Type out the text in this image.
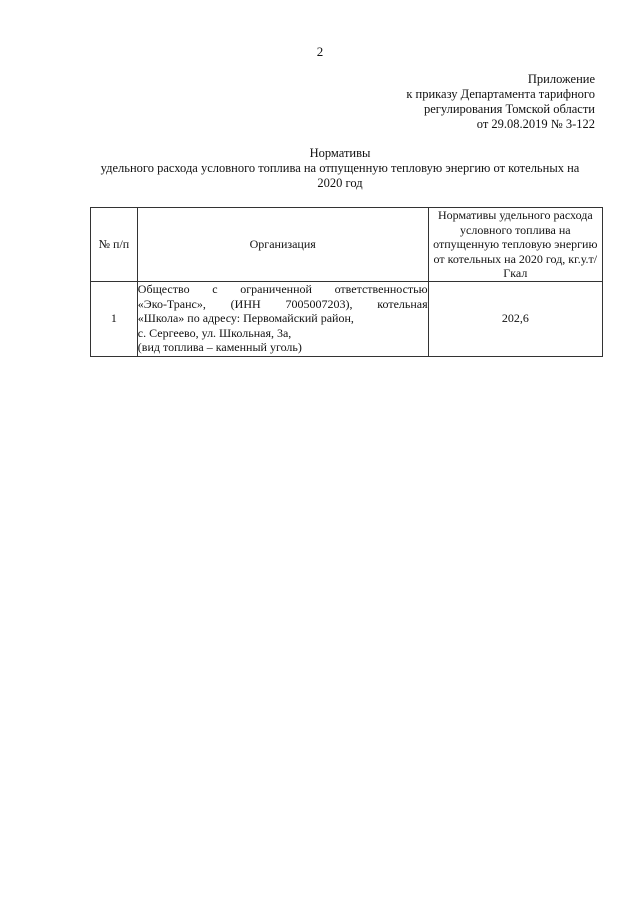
2
Приложение
к приказу Департамента тарифного
регулирования Томской области
от 29.08.2019 № 3-122
Нормативы
удельного расхода условного топлива на отпущенную тепловую энергию от котельных на
2020 год
№ п/п	Организация	Нормативы удельного расхода условного топлива на отпущенную тепловую энергию от котельных на 2020 год, кг.у.т/Гкал
1	Общество с ограниченной ответственностью
«Эко-Транс», (ИНН 7005007203), котельная
«Школа» по адресу: Первомайский район,
с. Сергеево, ул. Школьная, 3а,
(вид топлива – каменный уголь)	202,6
